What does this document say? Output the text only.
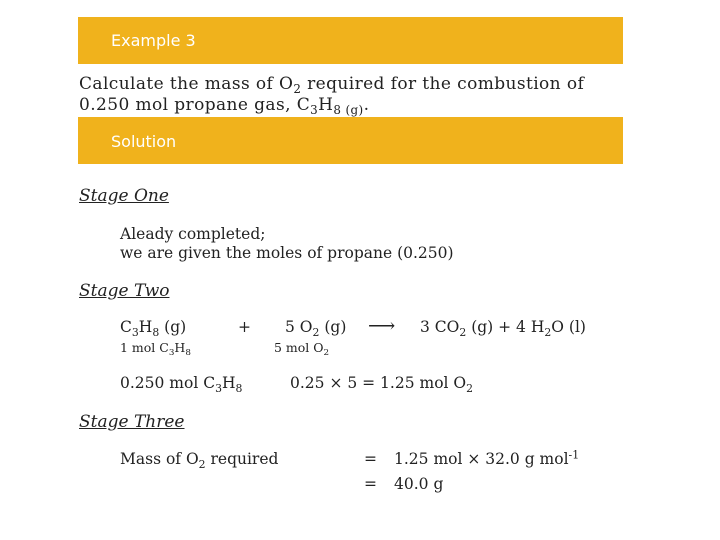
Example 3
Calculate the mass of $O_2$ required for the combustion of
0.250 mol propane gas, $C_3H_{8 (g)}$.
Solution
Stage One
Aleady completed;
we are given the moles of propane (0.250)
Stage Two
$C_3H_8$ (g)	+ 5 $O_2$ (g) ⟶ 3 $CO_2$ (g) + 4 $H_2O$ (l)
1 mol $C_3H_8$	5 mol $O_2$
0.250 mol $C_3H_8$	0.25 × 5 = 1.25 mol $O_2$
Stage Three
Mass of $O_2$ required	= 1.25 mol × 32.0 g mol$^{-1}$
= 40.0 g
